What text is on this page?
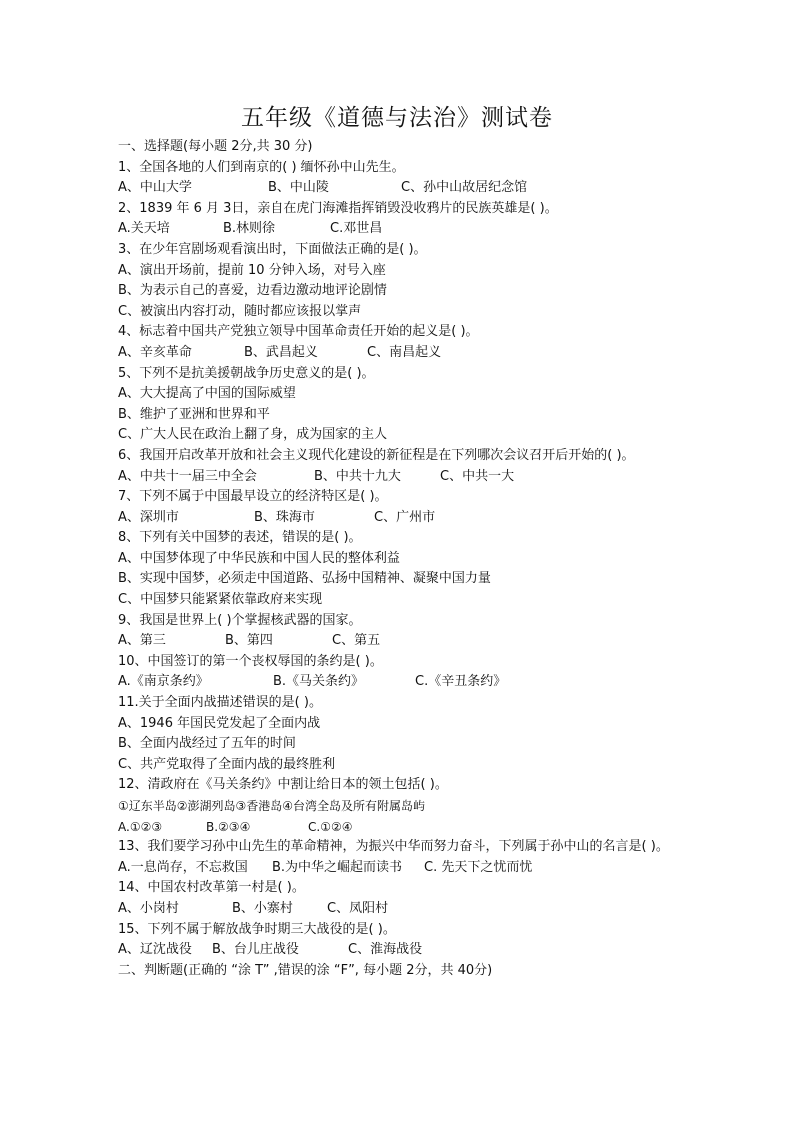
五年级《道德与法治》测试卷
一、选择题(每小题 2分,共 30 分)
1、全国各地的人们到南京的( ) 缅怀孙中山先生。
A、中山大学	B、中山陵	C、孙中山故居纪念馆
2、1839 年 6 月 3日，亲自在虎门海滩指挥销毁没收鸦片的民族英雄是( )。
A.关天培	B.林则徐	C.邓世昌
3、在少年宫剧场观看演出时，下面做法正确的是( )。
A、演出开场前，提前 10 分钟入场，对号入座
B、为表示自己的喜爱，边看边激动地评论剧情
C、被演出内容打动，随时都应该报以掌声
4、标志着中国共产党独立领导中国革命责任开始的起义是( )。
A、辛亥革命	B、武昌起义	C、南昌起义
5、下列不是抗美援朝战争历史意义的是( )。
A、大大提高了中国的国际威望
B、维护了亚洲和世界和平
C、广大人民在政治上翻了身，成为国家的主人
6、我国开启改革开放和社会主义现代化建设的新征程是在下列哪次会议召开后开始的( )。
A、中共十一届三中全会	B、中共十九大	C、中共一大
7、下列不属于中国最早设立的经济特区是( )。
A、深圳市	B、珠海市	C、广州市
8、下列有关中国梦的表述，错误的是( )。
A、中国梦体现了中华民族和中国人民的整体利益
B、实现中国梦，必须走中国道路、弘扬中国精神、凝聚中国力量
C、中国梦只能紧紧依靠政府来实现
9、我国是世界上( )个掌握核武器的国家。
A、第三	B、第四	C、第五
10、中国签订的第一个丧权辱国的条约是( )。
A.《南京条约》	B.《马关条约》	C.《辛丑条约》
11.关于全面内战描述错误的是( )。
A、1946 年国民党发起了全面内战
B、全面内战经过了五年的时间
C、共产党取得了全面内战的最终胜利
12、清政府在《马关条约》中割让给日本的领土包括( )。
①辽东半岛②澎湖列岛③香港岛④台湾全岛及所有附属岛屿
A.①②③	B.②③④	C.①②④
13、我们要学习孙中山先生的革命精神，为振兴中华而努力奋斗，下列属于孙中山的名言是( )。
A.一息尚存，不忘救国	B.为中华之崛起而读书	C. 先天下之忧而忧
14、中国农村改革第一村是( )。
A、小岗村	B、小寨村	C、凤阳村
15、下列不属于解放战争时期三大战役的是( )。
A、辽沈战役	B、台儿庄战役	C、淮海战役
二、判断题(正确的 “涂 T” ,错误的涂 “F”, 每小题 2分，共 40分)
